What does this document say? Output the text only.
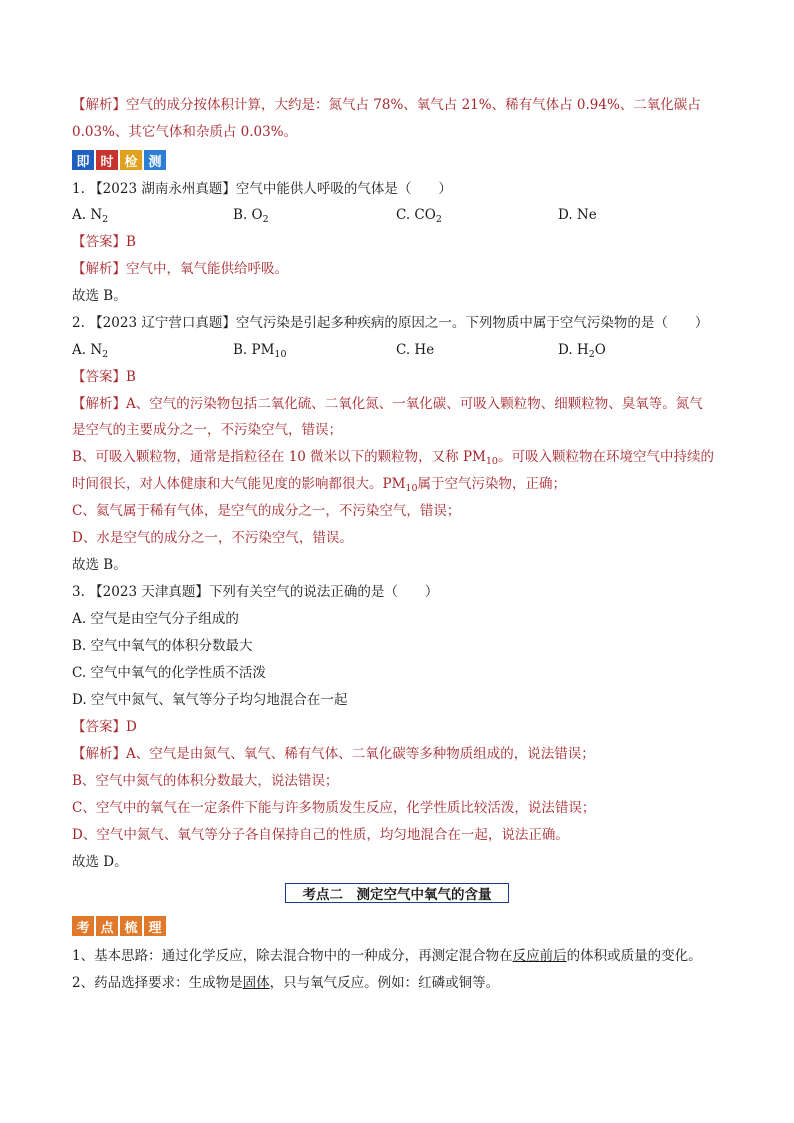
【解析】空气的成分按体积计算，大约是：氮气占 78%、氧气占 21%、稀有气体占 0.94%、二氧化碳占
0.03%、其它气体和杂质占 0.03%。
即 时 检 测
1. 【2023 湖南永州真题】空气中能供人呼吸的气体是（　　）
A. $N_2$	B. $O_2$	C. $CO_2$	D. Ne
【答案】B
【解析】空气中，氧气能供给呼吸。
故选 B。
2. 【2023 辽宁营口真题】空气污染是引起多种疾病的原因之一。下列物质中属于空气污染物的是（　　）
A. $N_2$	B. $PM_{10}$	C. He	D. $H_2O$
【答案】B
【解析】A、空气的污染物包括二氧化硫、二氧化氮、一氧化碳、可吸入颗粒物、细颗粒物、臭氧等。氮气
是空气的主要成分之一，不污染空气，错误；
B、可吸入颗粒物，通常是指粒径在 10 微米以下的颗粒物，又称 $PM_{10}$。可吸入颗粒物在环境空气中持续的
时间很长，对人体健康和大气能见度的影响都很大。$PM_{10}$属于空气污染物，正确；
C、氦气属于稀有气体，是空气的成分之一，不污染空气，错误；
D、水是空气的成分之一，不污染空气，错误。
故选 B。
3. 【2023 天津真题】下列有关空气的说法正确的是（　　）
A. 空气是由空气分子组成的
B. 空气中氧气的体积分数最大
C. 空气中氧气的化学性质不活泼
D. 空气中氮气、氧气等分子均匀地混合在一起
【答案】D
【解析】A、空气是由氮气、氧气、稀有气体、二氧化碳等多种物质组成的，说法错误；
B、空气中氮气的体积分数最大，说法错误；
C、空气中的氧气在一定条件下能与许多物质发生反应，化学性质比较活泼，说法错误；
D、空气中氮气、氧气等分子各自保持自己的性质，均匀地混合在一起，说法正确。
故选 D。
考点二　测定空气中氧气的含量
考 点 梳 理
1、基本思路：通过化学反应，除去混合物中的一种成分，再测定混合物在反应前后的体积或质量的变化。
2、药品选择要求：生成物是固体，只与氧气反应。例如：红磷或铜等。
